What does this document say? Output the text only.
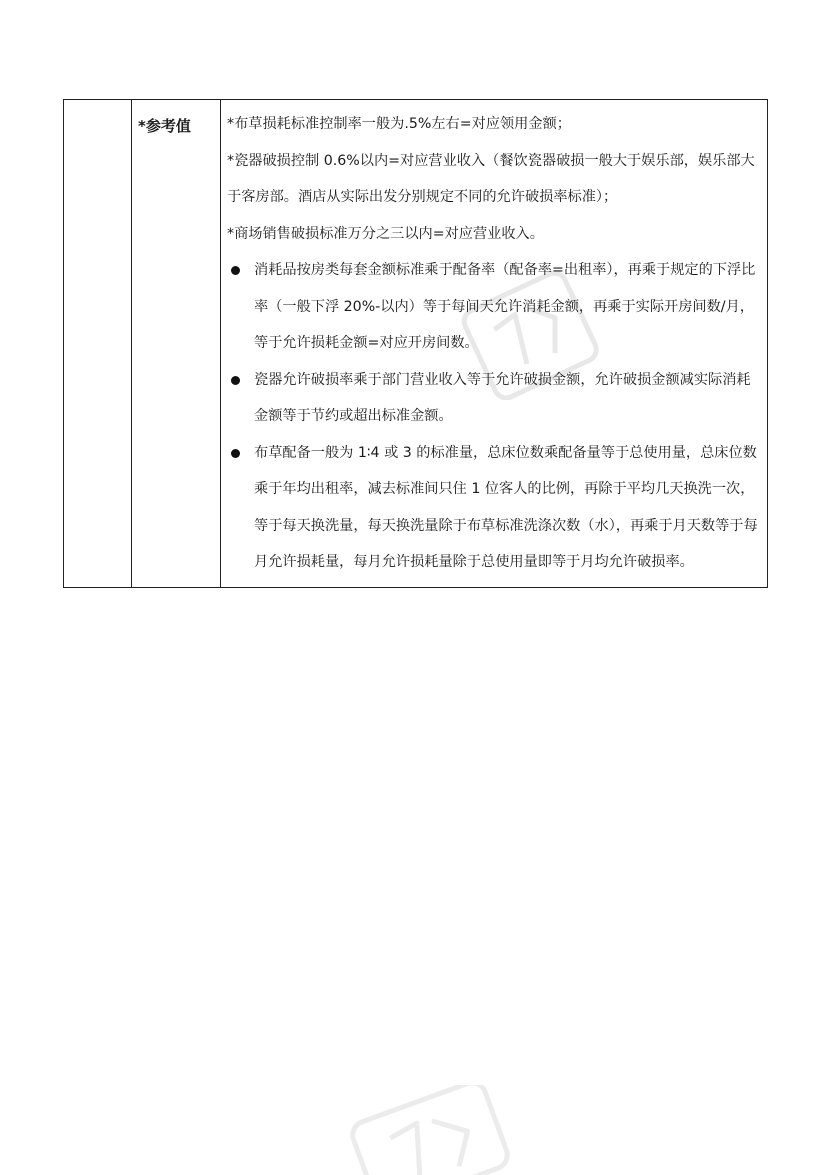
*参考值	*布草损耗标准控制率一般为.5%左右=对应领用金额；

*瓷器破损控制 0.6%以内=对应营业收入（餐饮瓷器破损一般大于娱乐部，娱乐部大于客房部。酒店从实际出发分别规定不同的允许破损率标准）；

*商场销售破损标准万分之三以内=对应营业收入。

消耗品按房类每套金额标准乘于配备率（配备率=出租率），再乘于规定的下浮比率（一般下浮 20%-以内）等于每间天允许消耗金额，再乘于实际开房间数/月，等于允许损耗金额=对应开房间数。
瓷器允许破损率乘于部门营业收入等于允许破损金额，允许破损金额减实际消耗金额等于节约或超出标准金额。
布草配备一般为 1∶4 或 3 的标准量，总床位数乘配备量等于总使用量，总床位数乘于年均出租率，减去标准间只住 1 位客人的比例，再除于平均几天换洗一次，等于每天换洗量，每天换洗量除于布草标准洗涤次数（水），再乘于月天数等于每月允许损耗量，每月允许损耗量除于总使用量即等于月均允许破损率。
